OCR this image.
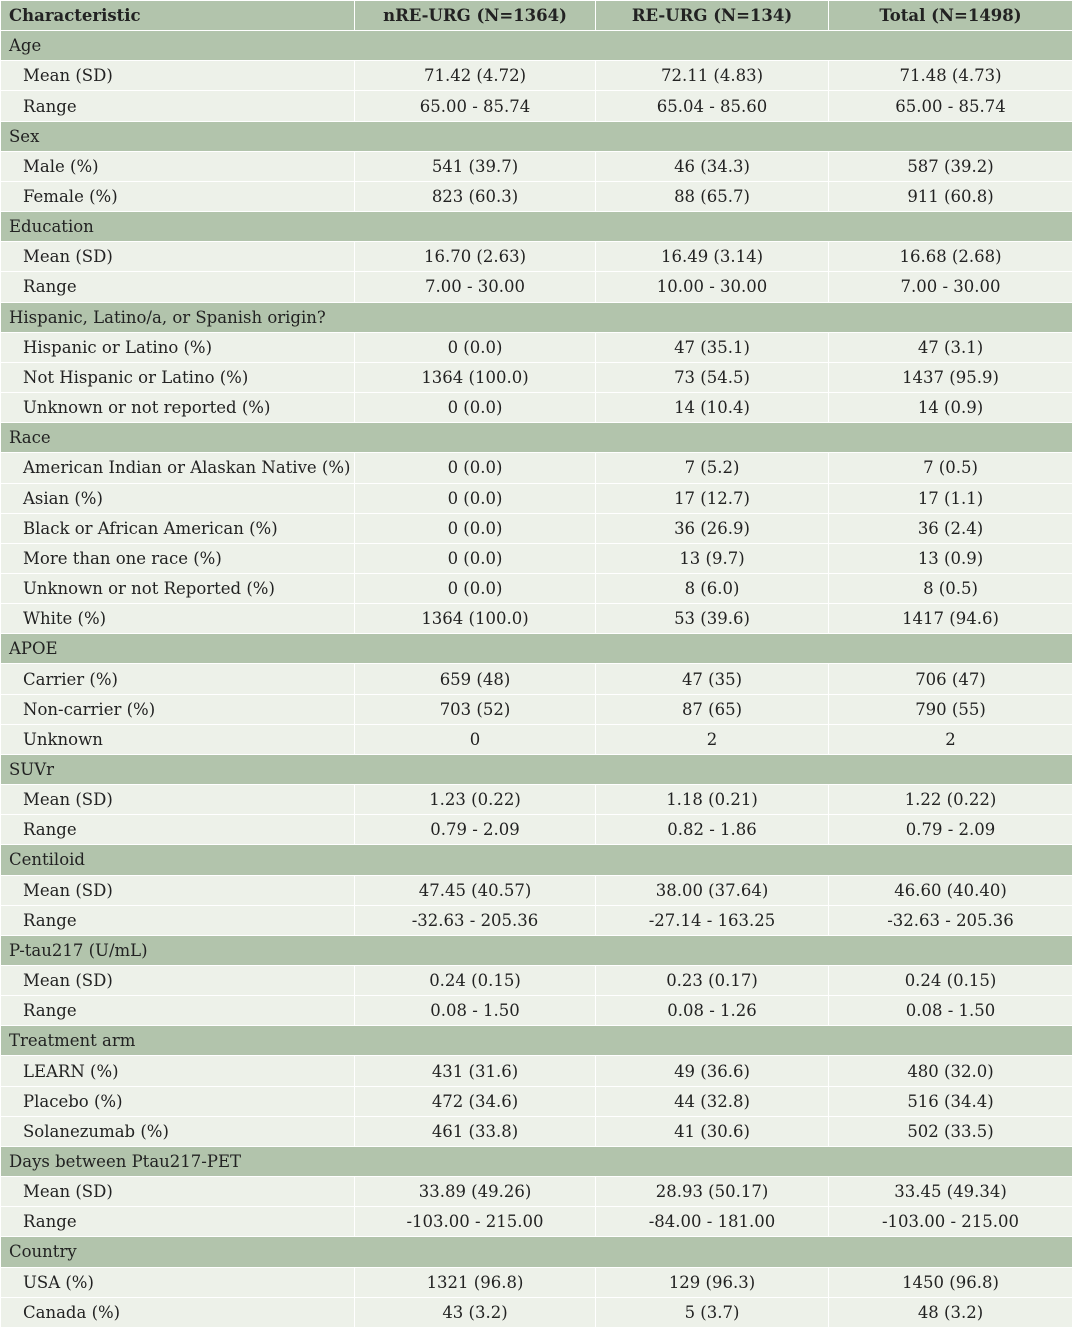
Characteristic	nRE-URG (N=1364)	RE-URG (N=134)	Total (N=1498)
Age			
Mean (SD)	71.42 (4.72)	72.11 (4.83)	71.48 (4.73)
Range	65.00 - 85.74	65.04 - 85.60	65.00 - 85.74
Sex			
Male (%)	541 (39.7)	46 (34.3)	587 (39.2)
Female (%)	823 (60.3)	88 (65.7)	911 (60.8)
Education			
Mean (SD)	16.70 (2.63)	16.49 (3.14)	16.68 (2.68)
Range	7.00 - 30.00	10.00 - 30.00	7.00 - 30.00
Hispanic, Latino/a, or Spanish origin?			
Hispanic or Latino (%)	0 (0.0)	47 (35.1)	47 (3.1)
Not Hispanic or Latino (%)	1364 (100.0)	73 (54.5)	1437 (95.9)
Unknown or not reported (%)	0 (0.0)	14 (10.4)	14 (0.9)
Race			
American Indian or Alaskan Native (%)	0 (0.0)	7 (5.2)	7 (0.5)
Asian (%)	0 (0.0)	17 (12.7)	17 (1.1)
Black or African American (%)	0 (0.0)	36 (26.9)	36 (2.4)
More than one race (%)	0 (0.0)	13 (9.7)	13 (0.9)
Unknown or not Reported (%)	0 (0.0)	8 (6.0)	8 (0.5)
White (%)	1364 (100.0)	53 (39.6)	1417 (94.6)
APOE			
Carrier (%)	659 (48)	47 (35)	706 (47)
Non-carrier (%)	703 (52)	87 (65)	790 (55)
Unknown	0	2	2
SUVr			
Mean (SD)	1.23 (0.22)	1.18 (0.21)	1.22 (0.22)
Range	0.79 - 2.09	0.82 - 1.86	0.79 - 2.09
Centiloid			
Mean (SD)	47.45 (40.57)	38.00 (37.64)	46.60 (40.40)
Range	-32.63 - 205.36	-27.14 - 163.25	-32.63 - 205.36
P-tau217 (U/mL)			
Mean (SD)	0.24 (0.15)	0.23 (0.17)	0.24 (0.15)
Range	0.08 - 1.50	0.08 - 1.26	0.08 - 1.50
Treatment arm			
LEARN (%)	431 (31.6)	49 (36.6)	480 (32.0)
Placebo (%)	472 (34.6)	44 (32.8)	516 (34.4)
Solanezumab (%)	461 (33.8)	41 (30.6)	502 (33.5)
Days between Ptau217-PET			
Mean (SD)	33.89 (49.26)	28.93 (50.17)	33.45 (49.34)
Range	-103.00 - 215.00	-84.00 - 181.00	-103.00 - 215.00
Country			
USA (%)	1321 (96.8)	129 (96.3)	1450 (96.8)
Canada (%)	43 (3.2)	5 (3.7)	48 (3.2)
